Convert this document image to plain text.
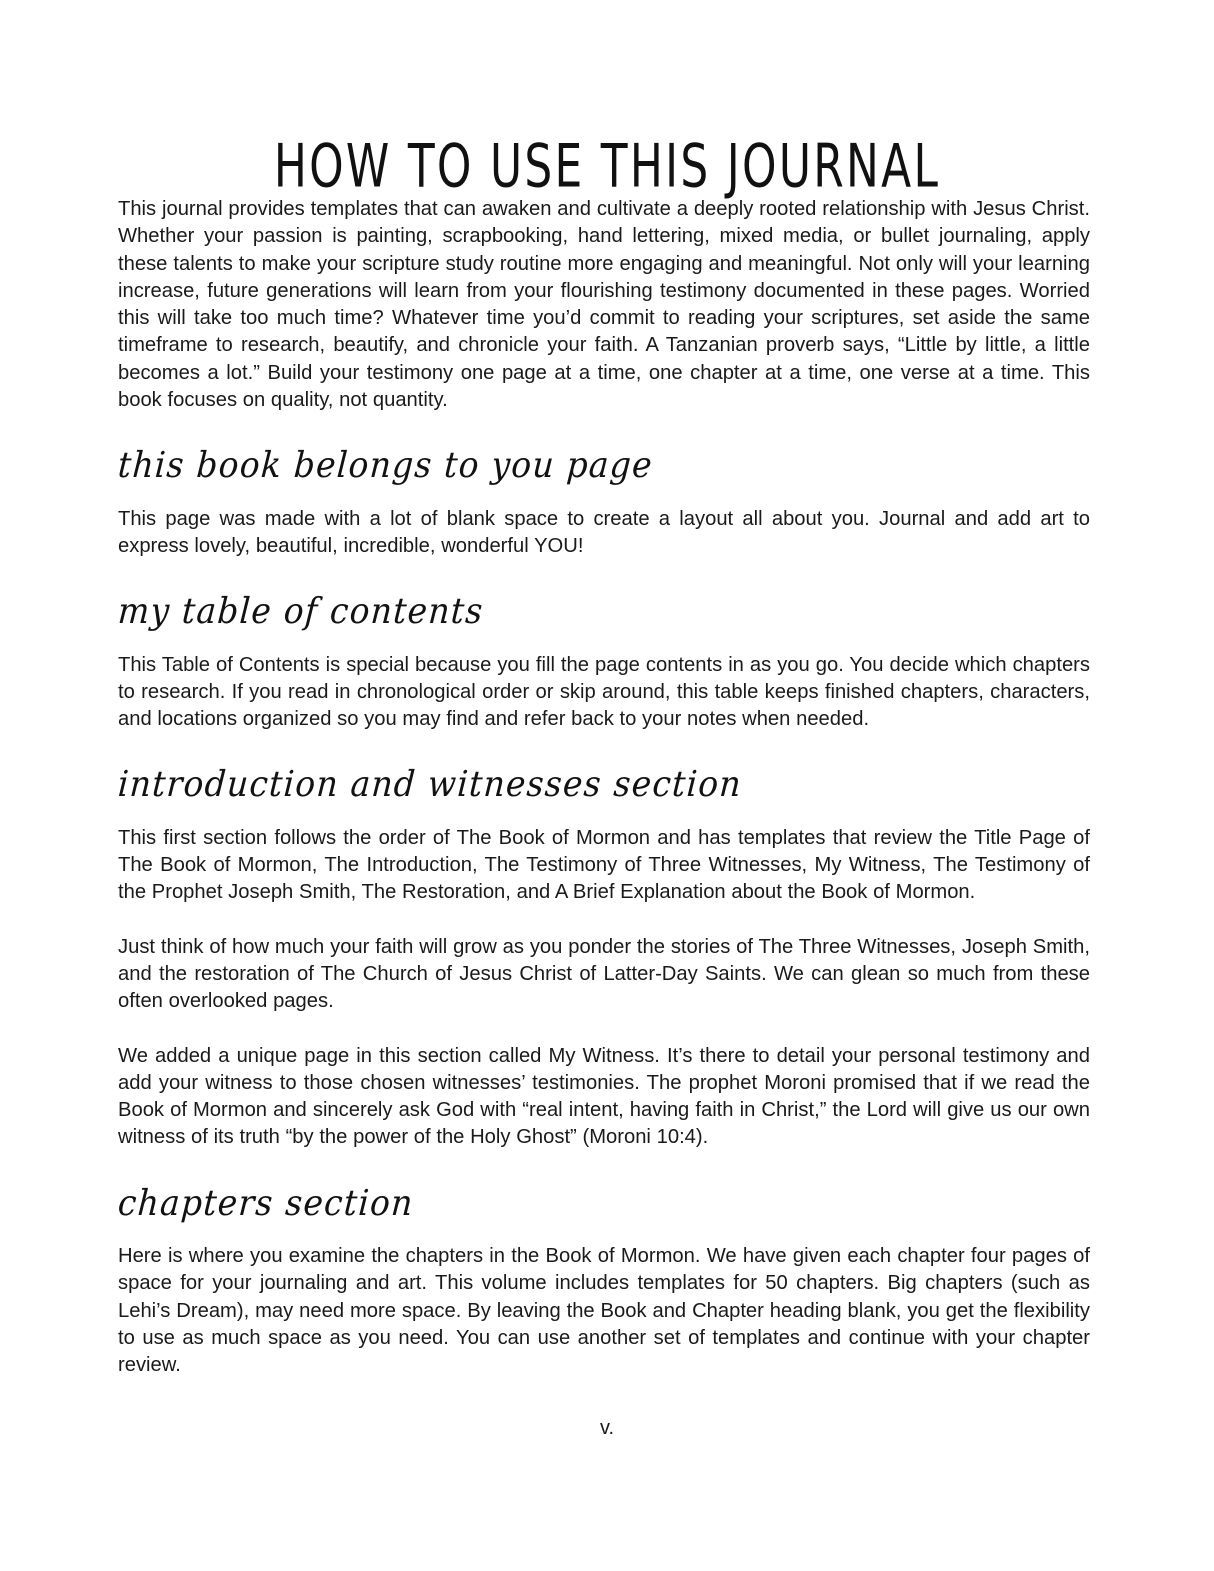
HOW TO USE THIS JOURNAL

This journal provides templates that can awaken and cultivate a deeply rooted relationship with Jesus Christ. Whether your passion is painting, scrapbooking, hand lettering, mixed media, or bullet journaling, apply these talents to make your scripture study routine more engaging and meaningful. Not only will your learning increase, future generations will learn from your flourishing testimony documented in these pages. Worried this will take too much time? Whatever time you’d commit to reading your scriptures, set aside the same timeframe to research, beautify, and chronicle your faith. A Tanzanian proverb says, “Little by little, a little becomes a lot.” Build your testimony one page at a time, one chapter at a time, one verse at a time. This book focuses on quality, not quantity.

this book belongs to you page

This page was made with a lot of blank space to create a layout all about you. Journal and add art to express lovely, beautiful, incredible, wonderful YOU!

my table of contents

This Table of Contents is special because you fill the page contents in as you go. You decide which chapters to research. If you read in chronological order or skip around, this table keeps finished chapters, characters, and locations organized so you may find and refer back to your notes when needed.

introduction and witnesses section

This first section follows the order of The Book of Mormon and has templates that review the Title Page of The Book of Mormon, The Introduction, The Testimony of Three Witnesses, My Witness, The Testimony of the Prophet Joseph Smith, The Restoration, and A Brief Explanation about the Book of Mormon.

Just think of how much your faith will grow as you ponder the stories of The Three Witnesses, Joseph Smith, and the restoration of The Church of Jesus Christ of Latter-Day Saints. We can glean so much from these often overlooked pages.

We added a unique page in this section called My Witness. It’s there to detail your personal testimony and add your witness to those chosen witnesses’ testimonies. The prophet Moroni promised that if we read the Book of Mormon and sincerely ask God with “real intent, having faith in Christ,” the Lord will give us our own witness of its truth “by the power of the Holy Ghost” (Moroni 10:4).

chapters section

Here is where you examine the chapters in the Book of Mormon. We have given each chapter four pages of space for your journaling and art. This volume includes templates for 50 chapters. Big chapters (such as Lehi’s Dream), may need more space. By leaving the Book and Chapter heading blank, you get the flexibility to use as much space as you need. You can use another set of templates and continue with your chapter review.

v.
